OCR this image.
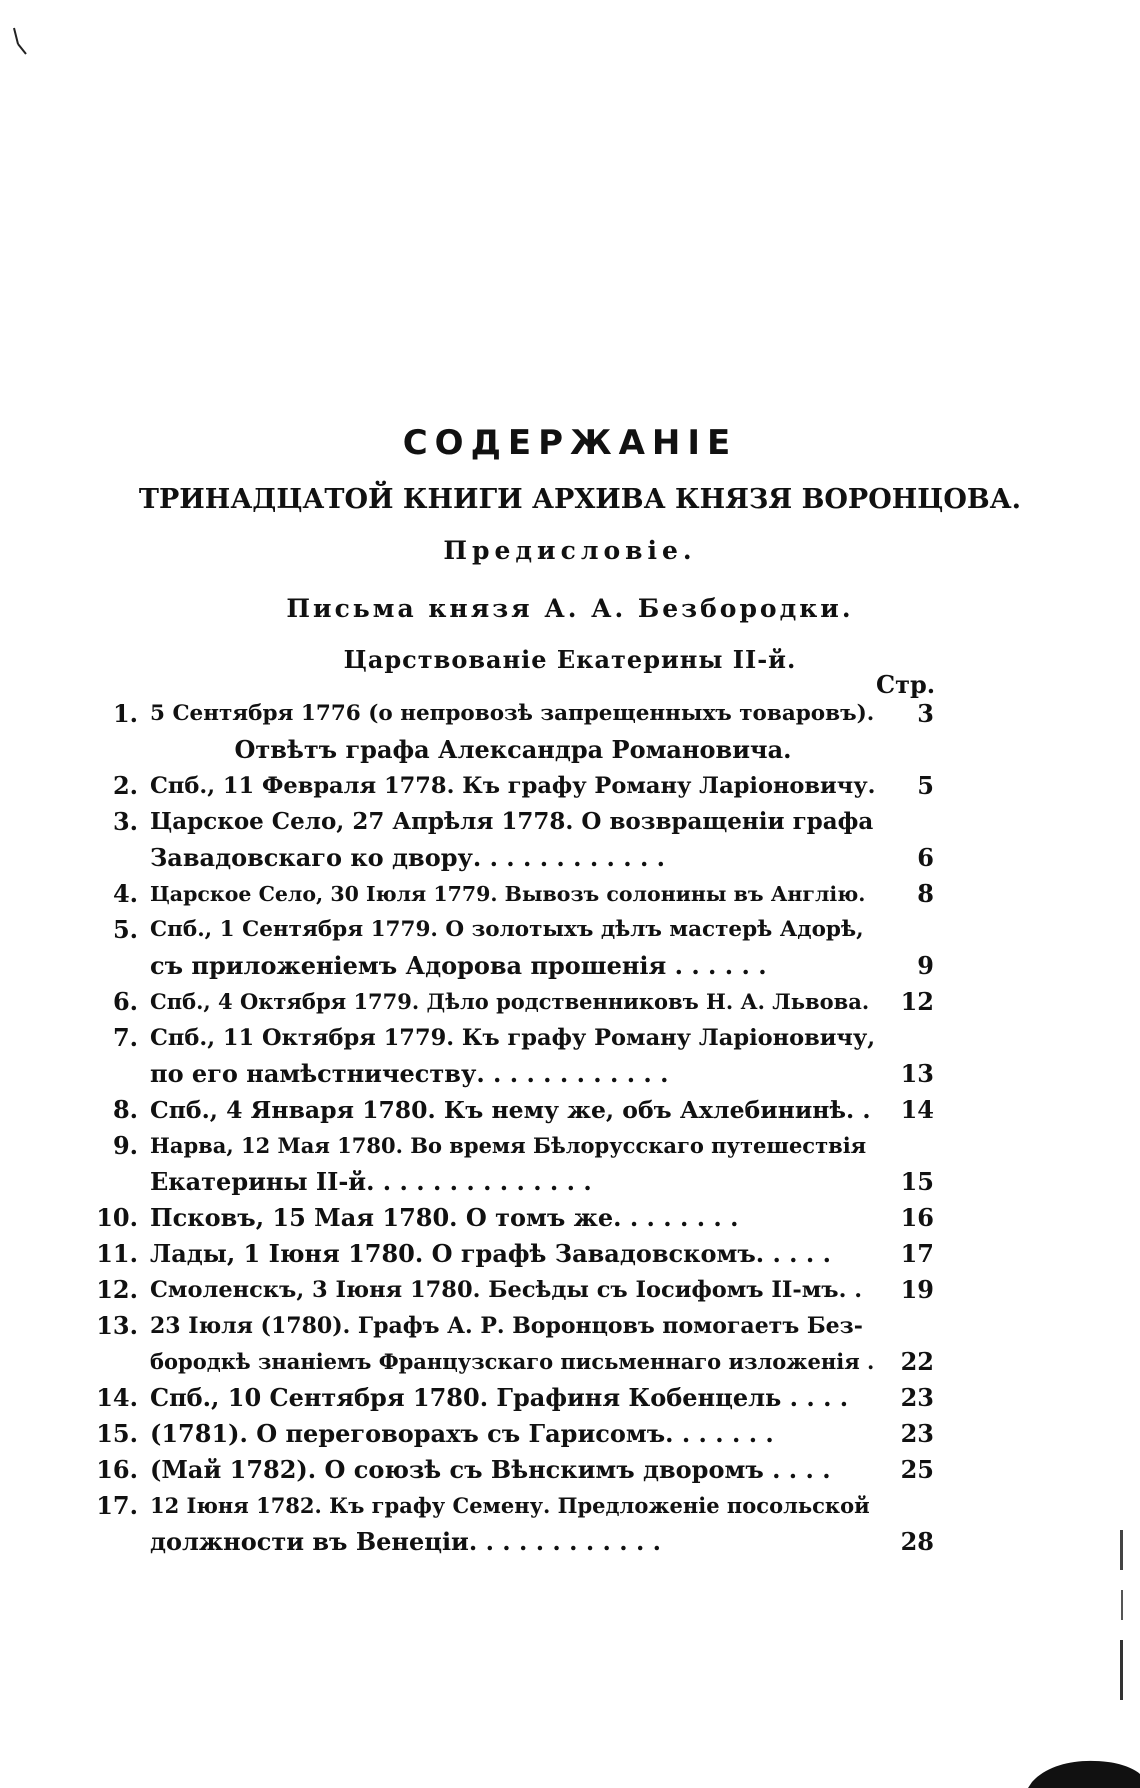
СОДЕРЖАНІЕ
ТРИНАДЦАТОЙ КНИГИ АРХИВА КНЯЗЯ ВОРОНЦОВА.
Предисловіе.
Письма князя А. А. Безбородки.
Царствованіе Екатерины II-й.
Стр.
1. 5 Сентября 1776 (о непровозѣ запрещенныхъ товаровъ).	3
Отвѣтъ графа Александра Романовича.
2. Спб., 11 Февраля 1778. Къ графу Роману Ларіоновичу.	5
3. Царское Село, 27 Апрѣля 1778. О возвращеніи графа
Завадовскаго ко двору. . . . . . . . . . . .	6
4. Царское Село, 30 Іюля 1779. Вывозъ солонины въ Англію.	8
5. Спб., 1 Сентября 1779. О золотыхъ дѣлъ мастерѣ Адорѣ,
съ приложеніемъ Адорова прошенія . . . . . .	9
6. Спб., 4 Октября 1779. Дѣло родственниковъ Н. А. Львова.	12
7. Спб., 11 Октября 1779. Къ графу Роману Ларіоновичу,
по его намѣстничеству. . . . . . . . . . . .	13
8. Спб., 4 Января 1780. Къ нему же, объ Ахлебининѣ. .	14
9. Нарва, 12 Мая 1780. Во время Бѣлорусскаго путешествія
Екатерины II-й. . . . . . . . . . . . . .	15
10. Псковъ, 15 Мая 1780. О томъ же. . . . . . . .	16
11. Лады, 1 Іюня 1780. О графѣ Завадовскомъ. . . . .	17
12. Смоленскъ, 3 Іюня 1780. Бесѣды съ Іосифомъ II-мъ. .	19
13. 23 Іюля (1780). Графъ А. Р. Воронцовъ помогаетъ Без-
бородкѣ знаніемъ Французскаго письменнаго изложенія .	22
14. Спб., 10 Сентября 1780. Графиня Кобенцель . . . .	23
15. (1781). О переговорахъ съ Гарисомъ. . . . . . .	23
16. (Май 1782). О союзѣ съ Вѣнскимъ дворомъ . . . .	25
17. 12 Іюня 1782. Къ графу Семену. Предложеніе посольской
должности въ Венеціи. . . . . . . . . . . .	28
